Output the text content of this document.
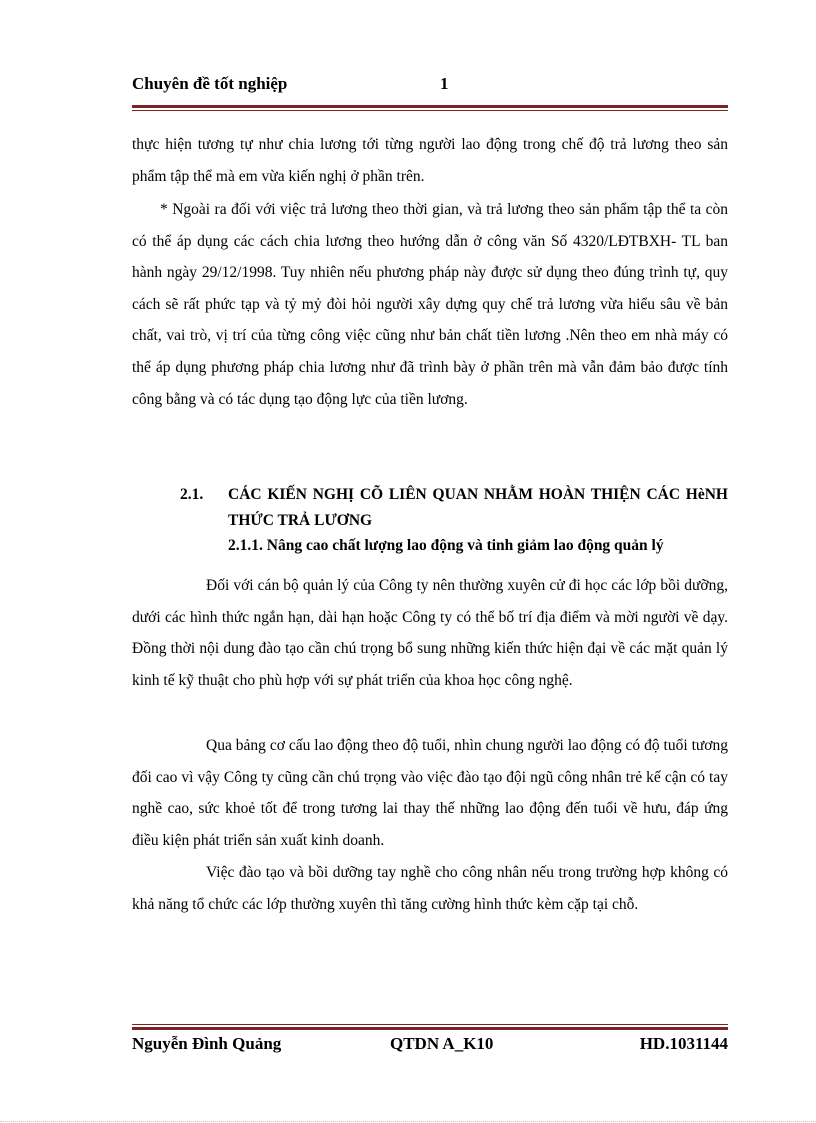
Chuyên đề tốt nghiệp	1
thực hiện tương tự như chia lương tới từng người lao động trong chế độ trả lương theo sản phẩm tập thể mà em vừa kiến nghị ở phần trên.
* Ngoài ra đối với việc trả lương theo thời gian, và trả lương theo sản phẩm tập thể ta còn có thể áp dụng các cách chia lương theo hướng dẫn ở công văn Số 4320/LĐTBXH- TL ban hành ngày 29/12/1998. Tuy nhiên nếu phương pháp này được sử dụng theo đúng trình tự, quy cách sẽ rất phức tạp và tỷ mỷ đòi hỏi người xây dựng quy chế trả lương vừa hiểu sâu về bản chất, vai trò, vị trí của từng công việc cũng như bản chất tiền lương .Nên theo em nhà máy có thể áp dụng phương pháp chia lương như đã trình bày ở phần trên mà vẫn đảm bảo được tính công bằng và có tác dụng tạo động lực của tiền lương.
2.1. CÁC KIẾN NGHỊ CÕ LIÊN QUAN NHẰM HOÀN THIỆN CÁC HèNH THỨC TRẢ LƯƠNG
2.1.1. Nâng cao chất lượng lao động và tinh giảm lao động quản lý
Đối với cán bộ quản lý của Công ty nên thường xuyên cử đi học các lớp bồi dưỡng, dưới các hình thức ngắn hạn, dài hạn hoặc Công ty có thể bố trí địa điểm và mời người về dạy. Đồng thời nội dung đào tạo cần chú trọng bổ sung những kiến thức hiện đại về các mặt quản lý kinh tế kỹ thuật cho phù hợp với sự phát triển của khoa học công nghệ.
Qua bảng cơ cấu lao động theo độ tuổi, nhìn chung người lao động có độ tuổi tương đối cao vì vậy Công ty cũng cần chú trọng vào việc đào tạo đội ngũ công nhân trẻ kế cận có tay nghề cao, sức khoẻ tốt để trong tương lai thay thế những lao động đến tuổi về hưu, đáp ứng điều kiện phát triển sản xuất kinh doanh.
Việc đào tạo và bồi dưỡng tay nghề cho công nhân nếu trong trường hợp không có khả năng tổ chức các lớp thường xuyên thì tăng cường hình thức kèm cặp tại chỗ.
Nguyễn Đình Quảng	QTDN A_K10	HD.1031144
